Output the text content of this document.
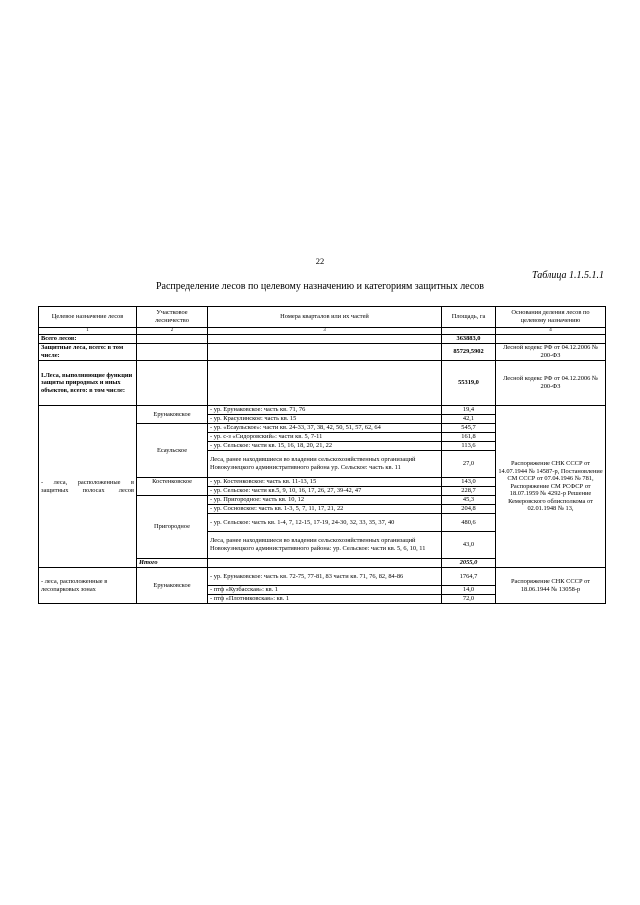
22
Таблица 1.1.5.1.1
Распределение лесов по целевому назначению и категориям защитных лесов
Целевое назначение лесов	Участковое лесничество	Номера кварталов или их частей	Площадь, га	Основания деления лесов по целевому назначению
1	2	3		4
Всего лесов:			363883,0	
Защитные леса, всего: в том числе:			85729,5902	Лесной кодекс РФ от 04.12.2006 № 200-ФЗ
I.Леса, выполняющие функции защиты природных и иных объектов, всего: в том числе:			55319,0	Лесной кодекс РФ от 04.12.2006 № 200-ФЗ
- леса, расположенные в защитных полосах лесов	Ерунаковское	- ур. Ерунаковское: часть кв. 71, 76	19,4	Распоряжение СНК СССР от 14.07.1944 № 14587-р, Постановление СМ СССР от 07.04.1946 № 781, Распоряжение СМ РСФСР от 18.07.1959 № 4292-р Решение Кемеровского облисполкома от 02.01.1948 № 13,
		- ур. Красулинское: часть кв. 15	42,1	
	Есаульское	- ур. «Есаульское»: части кв. 24-33, 37, 38, 42, 50, 51, 57, 62, 64	545,7	
		- ур. с-з «Сидоровский»: части кв. 5, 7-11	161,8	
		- ур. Сельское: части кв. 15, 16, 18, 20, 21, 22	113,6	
		Леса, ранее находившиеся во владении сельскохозяйственных организаций Новокузнецкого административного района ур. Сельское: часть кв. 11	27,0	
	Костенковское	- ур. Костенковское: часть кв. 11-13, 15	143,0	
		- ур. Сельское: части кв.5, 9, 10, 16, 17, 26, 27, 39-42, 47	228,7	
	Пригородное	- ур. Пригородное: часть кв. 10, 12	45,3	
		- ур. Сосновское: часть кв. 1-3, 5, 7, 11, 17, 21, 22	204,8	
		- ур. Сельское: часть кв. 1-4, 7, 12-15, 17-19, 24-30, 32, 33, 35, 37, 40	480,6	
		Леса, ранее находившиеся во владении сельскохозяйственных организаций Новокузнецкого административного района: ур. Сельское: части кв. 5, 6, 10, 11	43,0	
	Итого		2055,0	
- леса, расположенные в лесопарковых зонах	Ерунаковское	- ур. Ерунаковское: часть кв. 72-75, 77-81, 83 части кв. 71, 76, 82, 84-86	1764,7	Распоряжение СНК СССР от 18.06.1944 № 13058-р
		- птф «Кузбасская»: кв. 1	14,0	
		- птф «Плотниковская»: кв. 1	72,0	
